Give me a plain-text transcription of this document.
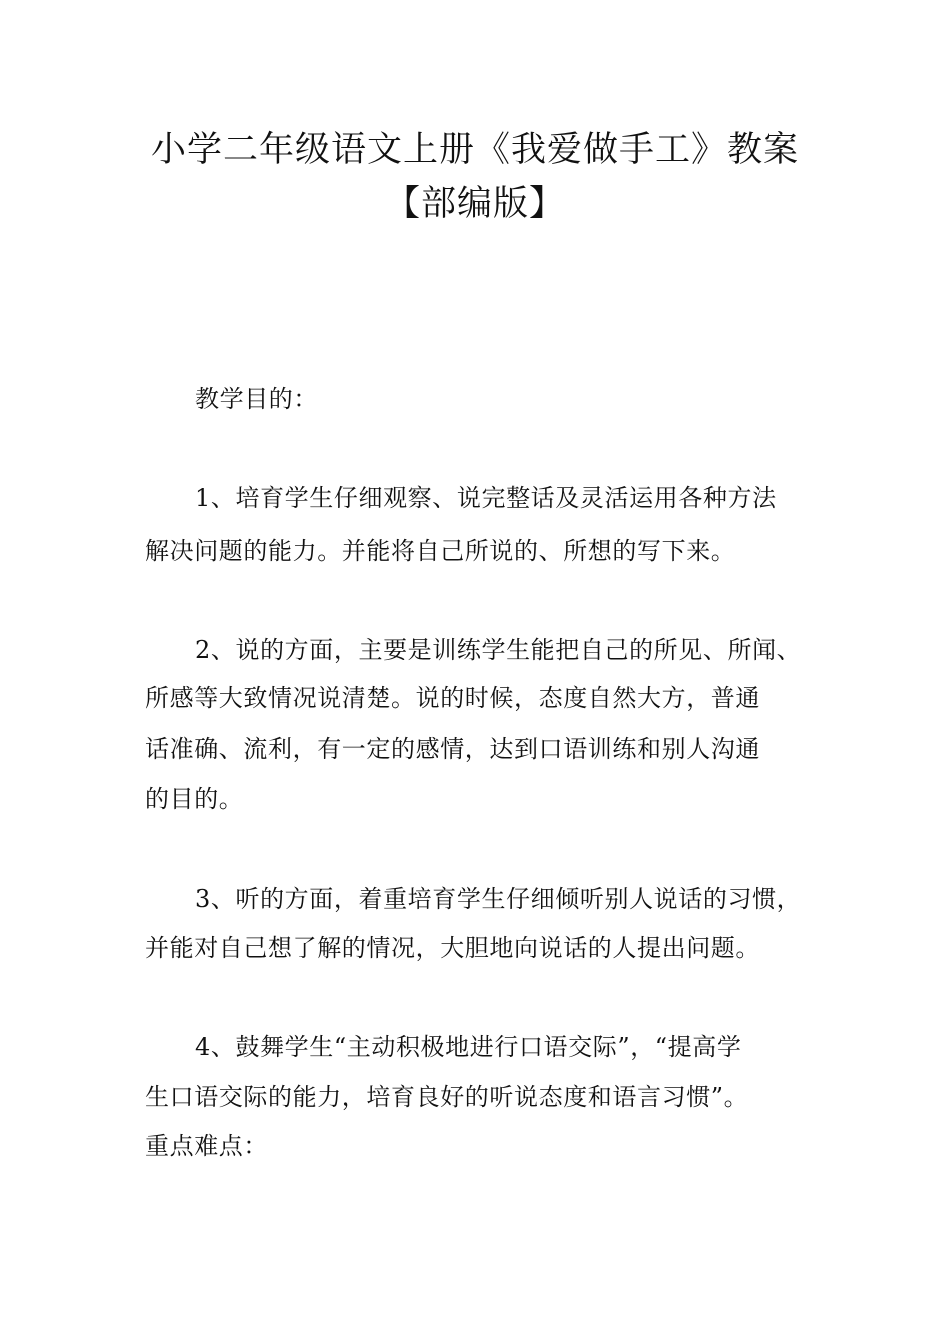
小学二年级语文上册《我爱做手工》教案
【部编版】
教学目的：
1、培育学生仔细观察、说完整话及灵活运用各种方法
解决问题的能力。并能将自己所说的、所想的写下来。
2、说的方面，主要是训练学生能把自己的所见、所闻、
所感等大致情况说清楚。说的时候，态度自然大方，普通
话准确、流利，有一定的感情，达到口语训练和别人沟通
的目的。
3、听的方面，着重培育学生仔细倾听别人说话的习惯，
并能对自己想了解的情况，大胆地向说话的人提出问题。
4、鼓舞学生“主动积极地进行口语交际”，“提高学
生口语交际的能力，培育良好的听说态度和语言习惯”。
重点难点：
